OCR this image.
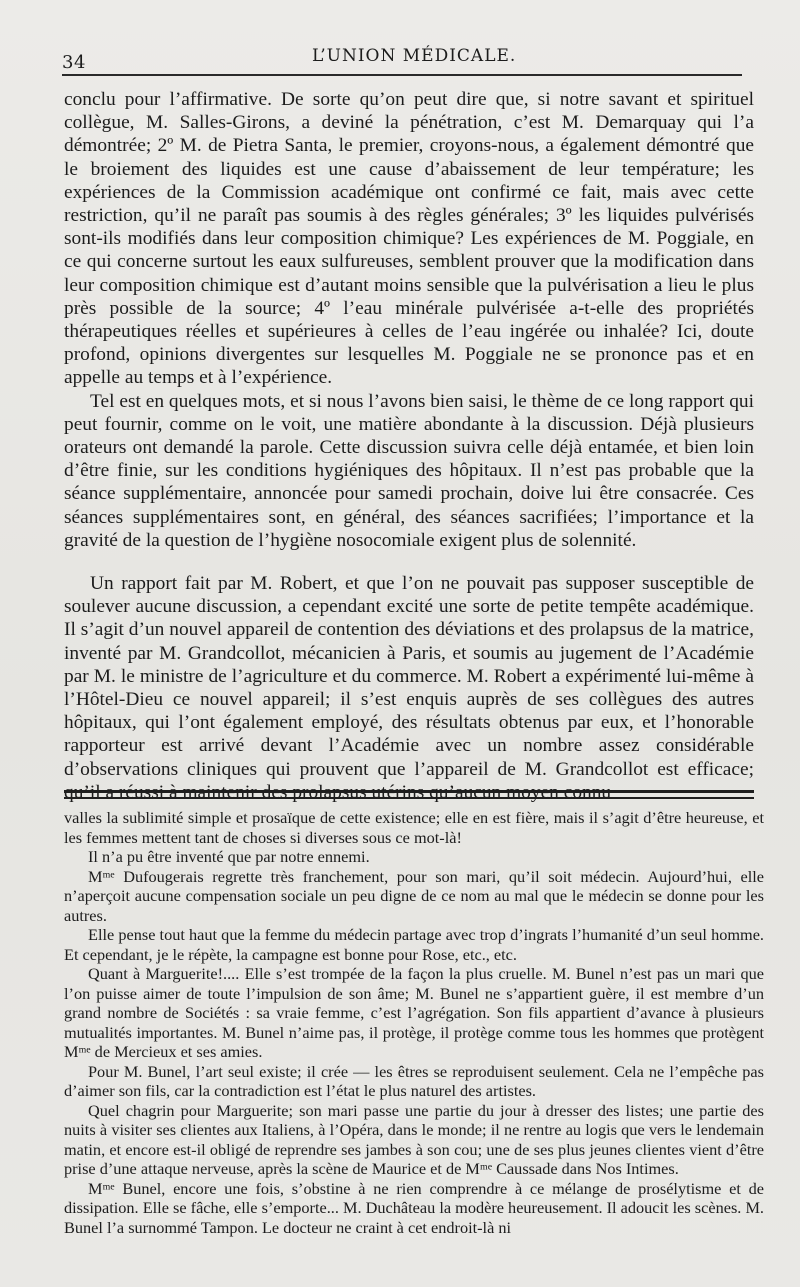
34	L’UNION MÉDICALE.

conclu pour l’affirmative. De sorte qu’on peut dire que, si notre savant et spirituel collègue, M. Salles-Girons, a deviné la pénétration, c’est M. Demarquay qui l’a démontrée; 2º M. de Pietra Santa, le premier, croyons-nous, a également démontré que le broiement des liquides est une cause d’abaissement de leur température; les expériences de la Commission académique ont confirmé ce fait, mais avec cette restriction, qu’il ne paraît pas soumis à des règles générales; 3º les liquides pulvérisés sont-ils modifiés dans leur composition chimique? Les expériences de M. Poggiale, en ce qui concerne surtout les eaux sulfureuses, semblent prouver que la modification dans leur composition chimique est d’autant moins sensible que la pulvérisation a lieu le plus près possible de la source; 4º l’eau minérale pulvérisée a-t-elle des propriétés thérapeutiques réelles et supérieures à celles de l’eau ingérée ou inhalée? Ici, doute profond, opinions divergentes sur lesquelles M. Poggiale ne se prononce pas et en appelle au temps et à l’expérience.

Tel est en quelques mots, et si nous l’avons bien saisi, le thème de ce long rapport qui peut fournir, comme on le voit, une matière abondante à la discussion. Déjà plusieurs orateurs ont demandé la parole. Cette discussion suivra celle déjà entamée, et bien loin d’être finie, sur les conditions hygiéniques des hôpitaux. Il n’est pas probable que la séance supplémentaire, annoncée pour samedi prochain, doive lui être consacrée. Ces séances supplémentaires sont, en général, des séances sacrifiées; l’importance et la gravité de la question de l’hygiène nosocomiale exigent plus de solennité.

Un rapport fait par M. Robert, et que l’on ne pouvait pas supposer susceptible de soulever aucune discussion, a cependant excité une sorte de petite tempête académique. Il s’agit d’un nouvel appareil de contention des déviations et des prolapsus de la matrice, inventé par M. Grandcollot, mécanicien à Paris, et soumis au jugement de l’Académie par M. le ministre de l’agriculture et du commerce. M. Robert a expérimenté lui-même à l’Hôtel-Dieu ce nouvel appareil; il s’est enquis auprès de ses collègues des autres hôpitaux, qui l’ont également employé, des résultats obtenus par eux, et l’honorable rapporteur est arrivé devant l’Académie avec un nombre assez considérable d’observations cliniques qui prouvent que l’appareil de M. Grandcollot est efficace; qu’il a réussi à maintenir des prolapsus utérins qu’aucun moyen connu

valles la sublimité simple et prosaïque de cette existence; elle en est fière, mais il s’agit d’être heureuse, et les femmes mettent tant de choses si diverses sous ce mot-là!

Il n’a pu être inventé que par notre ennemi.

Mᵐᵉ Dufougerais regrette très franchement, pour son mari, qu’il soit médecin. Aujourd’hui, elle n’aperçoit aucune compensation sociale un peu digne de ce nom au mal que le médecin se donne pour les autres.

Elle pense tout haut que la femme du médecin partage avec trop d’ingrats l’humanité d’un seul homme. Et cependant, je le répète, la campagne est bonne pour Rose, etc., etc.

Quant à Marguerite!.... Elle s’est trompée de la façon la plus cruelle. M. Bunel n’est pas un mari que l’on puisse aimer de toute l’impulsion de son âme; M. Bunel ne s’appartient guère, il est membre d’un grand nombre de Sociétés : sa vraie femme, c’est l’agrégation. Son fils appartient d’avance à plusieurs mutualités importantes. M. Bunel n’aime pas, il protège, il protège comme tous les hommes que protègent Mᵐᵉ de Mercieux et ses amies.

Pour M. Bunel, l’art seul existe; il crée — les êtres se reproduisent seulement. Cela ne l’empêche pas d’aimer son fils, car la contradiction est l’état le plus naturel des artistes.

Quel chagrin pour Marguerite; son mari passe une partie du jour à dresser des listes; une partie des nuits à visiter ses clientes aux Italiens, à l’Opéra, dans le monde; il ne rentre au logis que vers le lendemain matin, et encore est-il obligé de reprendre ses jambes à son cou; une de ses plus jeunes clientes vient d’être prise d’une attaque nerveuse, après la scène de Maurice et de Mᵐᵉ Caussade dans Nos Intimes.

Mᵐᵉ Bunel, encore une fois, s’obstine à ne rien comprendre à ce mélange de prosélytisme et de dissipation. Elle se fâche, elle s’emporte... M. Duchâteau la modère heureusement. Il adoucit les scènes. M. Bunel l’a surnommé Tampon. Le docteur ne craint à cet endroit-là ni
